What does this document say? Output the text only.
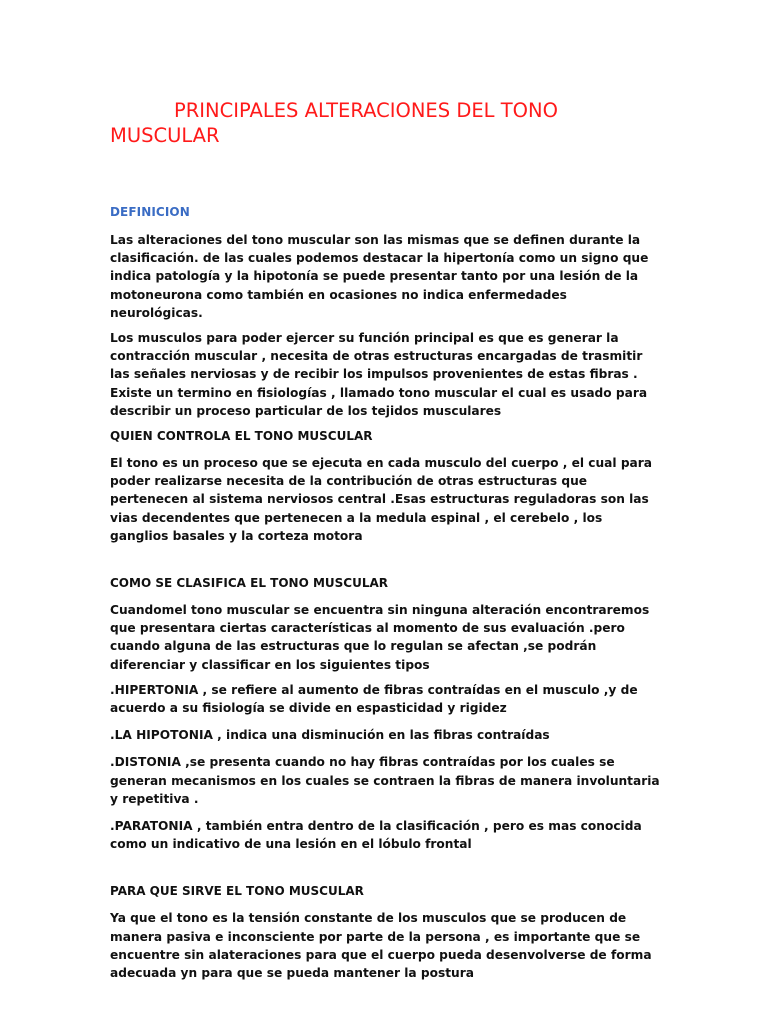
PRINCIPALES ALTERACIONES DEL TONO
MUSCULAR

DEFINICION

Las alteraciones del tono muscular son las mismas que se definen durante la clasificación. de las cuales podemos destacar la hipertonía como un signo que indica patología y la hipotonía se puede presentar tanto por una lesión de la motoneurona como también en ocasiones no indica enfermedades neurológicas.

Los musculos para poder ejercer su función principal es que es generar la contracción muscular , necesita de otras estructuras encargadas de trasmitir las señales nerviosas y de recibir los impulsos provenientes de estas fibras . Existe un termino en fisiologías , llamado tono muscular el cual es usado para describir un proceso particular de los tejidos musculares

QUIEN CONTROLA EL TONO MUSCULAR

El tono es un proceso que se ejecuta en cada musculo del cuerpo , el cual para poder realizarse necesita de la contribución de otras estructuras que pertenecen al sistema nerviosos central .Esas estructuras reguladoras son las vias decendentes que pertenecen a la medula espinal , el cerebelo , los ganglios basales y la corteza motora

COMO SE CLASIFICA EL TONO MUSCULAR

Cuandomel tono muscular se encuentra sin ninguna alteración encontraremos que presentara ciertas características al momento de sus evaluación .pero cuando alguna de las estructuras que lo regulan se afectan ,se podrán diferenciar y classificar en los siguientes tipos

.HIPERTONIA , se refiere al aumento de fibras contraídas en el musculo ,y de acuerdo a su fisiología se divide en espasticidad y rigidez

.LA HIPOTONIA , indica una disminución en las fibras contraídas

.DISTONIA ,se presenta cuando no hay fibras contraídas por los cuales se generan mecanismos en los cuales se contraen la fibras de manera involuntaria y repetitiva .

.PARATONIA , también entra dentro de la clasificación , pero es mas conocida como un indicativo de una lesión en el lóbulo frontal

PARA QUE SIRVE EL TONO MUSCULAR

Ya que el tono es la tensión constante de los musculos que se producen de manera pasiva e inconsciente por parte de la persona , es importante que se encuentre sin alateraciones para que el cuerpo pueda desenvolverse de forma adecuada yn para que se pueda mantener la postura
